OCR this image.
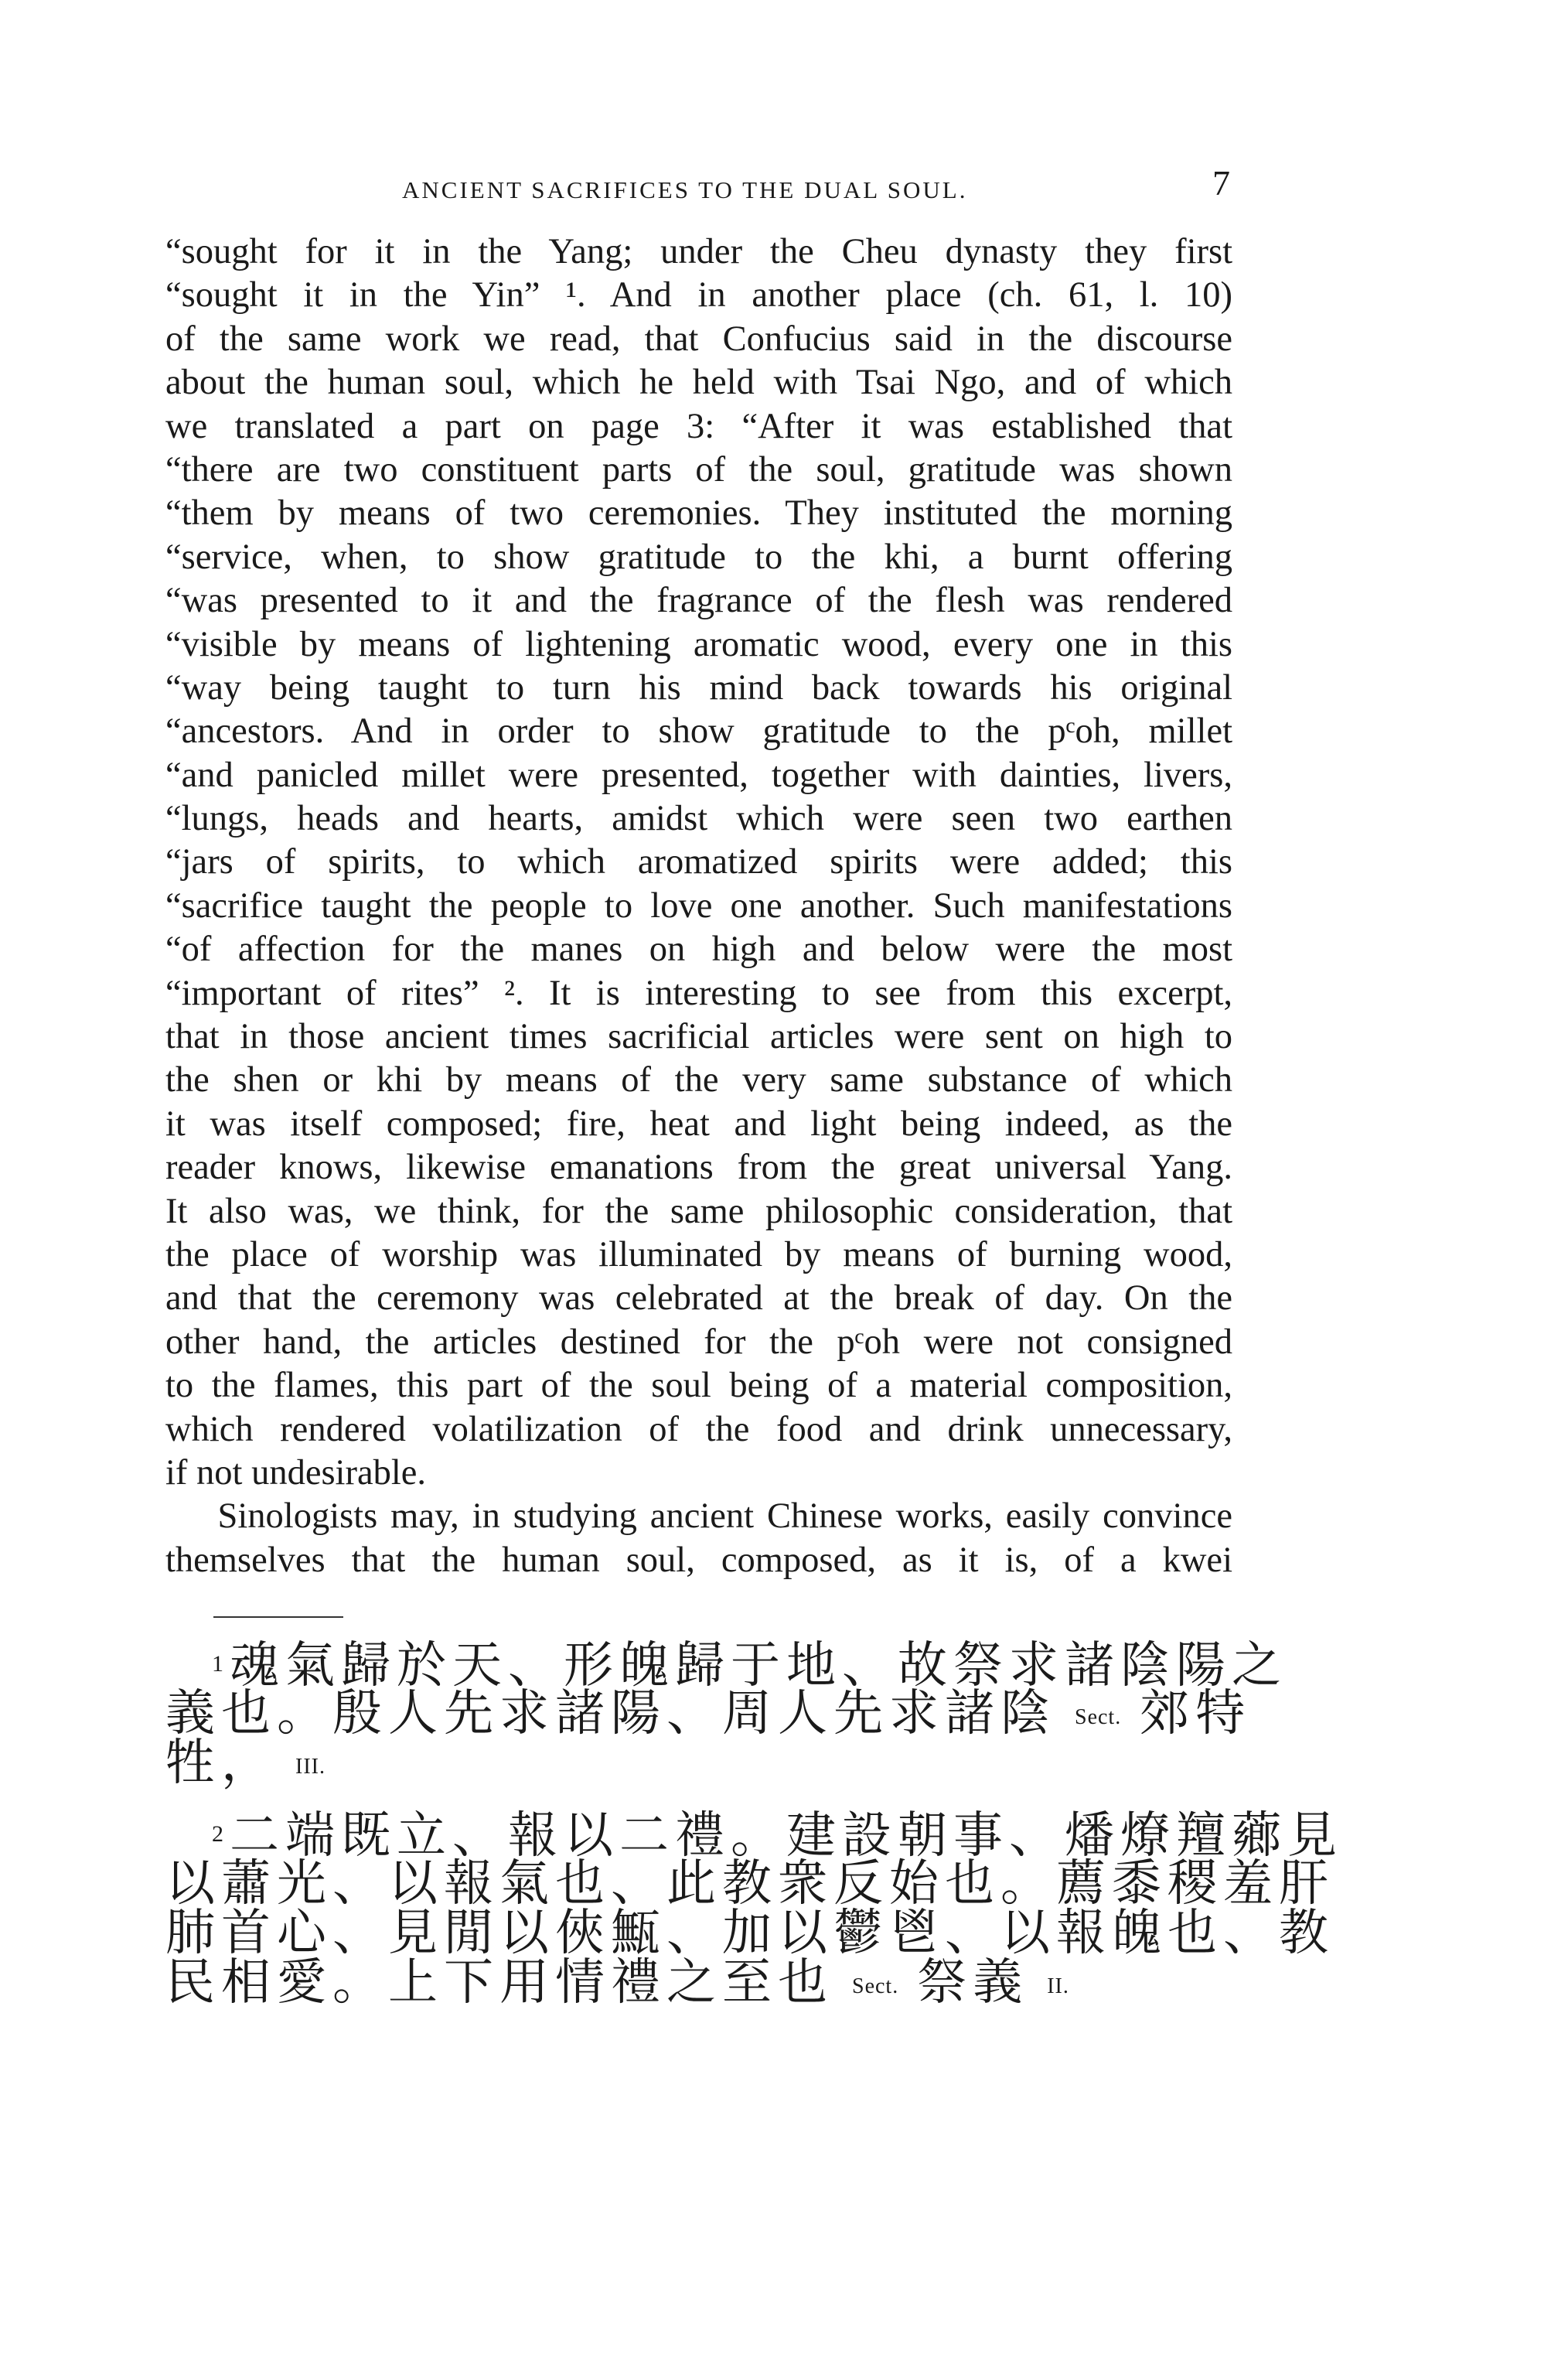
ANCIENT SACRIFICES TO THE DUAL SOUL.	7
“sought for it in the Yang; under the Cheu dynasty they first
“sought it in the Yin” ¹. And in another place (ch. 61, l. 10)
of the same work we read, that Confucius said in the discourse
about the human soul, which he held with Tsai Ngo, and of which
we translated a part on page 3: “After it was established that
“there are two constituent parts of the soul, gratitude was shown
“them by means of two ceremonies. They instituted the morning
“service, when, to show gratitude to the khi, a burnt offering
“was presented to it and the fragrance of the flesh was rendered
“visible by means of lightening aromatic wood, every one in this
“way being taught to turn his mind back towards his original
“ancestors. And in order to show gratitude to the pᶜoh, millet
“and panicled millet were presented, together with dainties, livers,
“lungs, heads and hearts, amidst which were seen two earthen
“jars of spirits, to which aromatized spirits were added; this
“sacrifice taught the people to love one another. Such manifestations
“of affection for the manes on high and below were the most
“important of rites” ². It is interesting to see from this excerpt,
that in those ancient times sacrificial articles were sent on high to
the shen or khi by means of the very same substance of which
it was itself composed; fire, heat and light being indeed, as the
reader knows, likewise emanations from the great universal Yang.
It also was, we think, for the same philosophic consideration, that
the place of worship was illuminated by means of burning wood,
and that the ceremony was celebrated at the break of day. On the
other hand, the articles destined for the pᶜoh were not consigned
to the flames, this part of the soul being of a material composition,
which rendered volatilization of the food and drink unnecessary,
if not undesirable.
Sinologists may, in studying ancient Chinese works, easily convince
themselves that the human soul, composed, as it is, of a kwei
$^1$ 魂氣歸於天、形魄歸于地、故祭求諸陰陽之
義也。殷人先求諸陽、周人先求諸陰 Sect. 郊特
牲， III.
$^2$ 二端既立、報以二禮。建設朝事、燔燎羶薌見
以蕭光、以報氣也、此教衆反始也。薦黍稷羞肝
肺首心、見閒以俠甒、加以鬱鬯、以報魄也、教
民相愛。上下用情禮之至也 Sect. 祭義 II.
